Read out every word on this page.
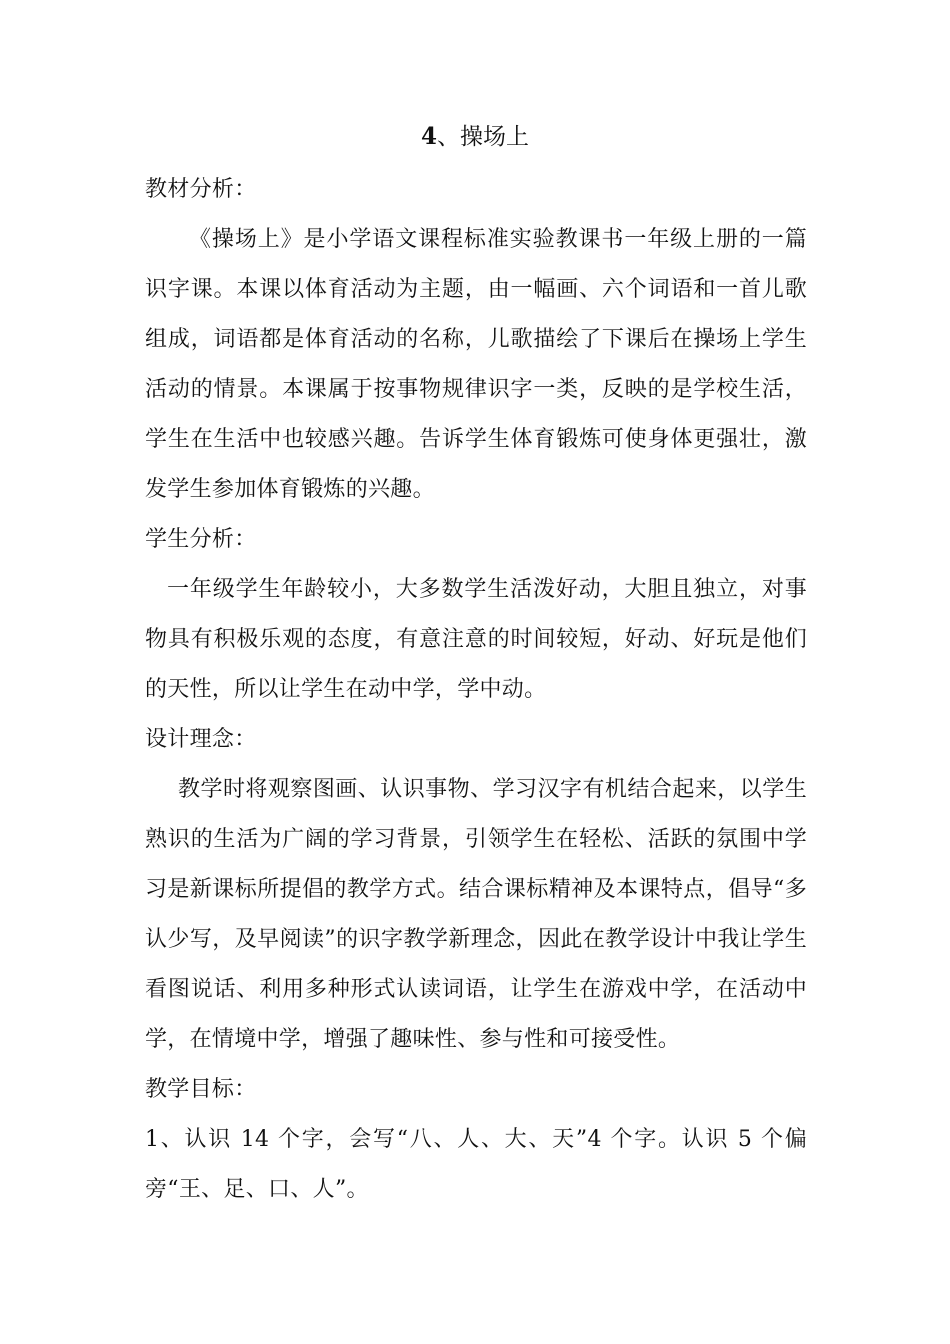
4、操场上

教材分析：

《操场上》是小学语文课程标准实验教课书一年级上册的一篇识字课。本课以体育活动为主题，由一幅画、六个词语和一首儿歌组成，词语都是体育活动的名称，儿歌描绘了下课后在操场上学生活动的情景。本课属于按事物规律识字一类，反映的是学校生活，学生在生活中也较感兴趣。告诉学生体育锻炼可使身体更强壮，激发学生参加体育锻炼的兴趣。

学生分析：

一年级学生年龄较小，大多数学生活泼好动，大胆且独立，对事物具有积极乐观的态度，有意注意的时间较短，好动、好玩是他们的天性，所以让学生在动中学，学中动。

设计理念：

教学时将观察图画、认识事物、学习汉字有机结合起来，以学生熟识的生活为广阔的学习背景，引领学生在轻松、活跃的氛围中学习是新课标所提倡的教学方式。结合课标精神及本课特点，倡导“多认少写，及早阅读”的识字教学新理念，因此在教学设计中我让学生看图说话、利用多种形式认读词语，让学生在游戏中学，在活动中学，在情境中学，增强了趣味性、参与性和可接受性。

教学目标：

1、认识 14 个字，会写“八、人、大、天”4 个字。认识 5 个偏旁“王、足、口、人”。
